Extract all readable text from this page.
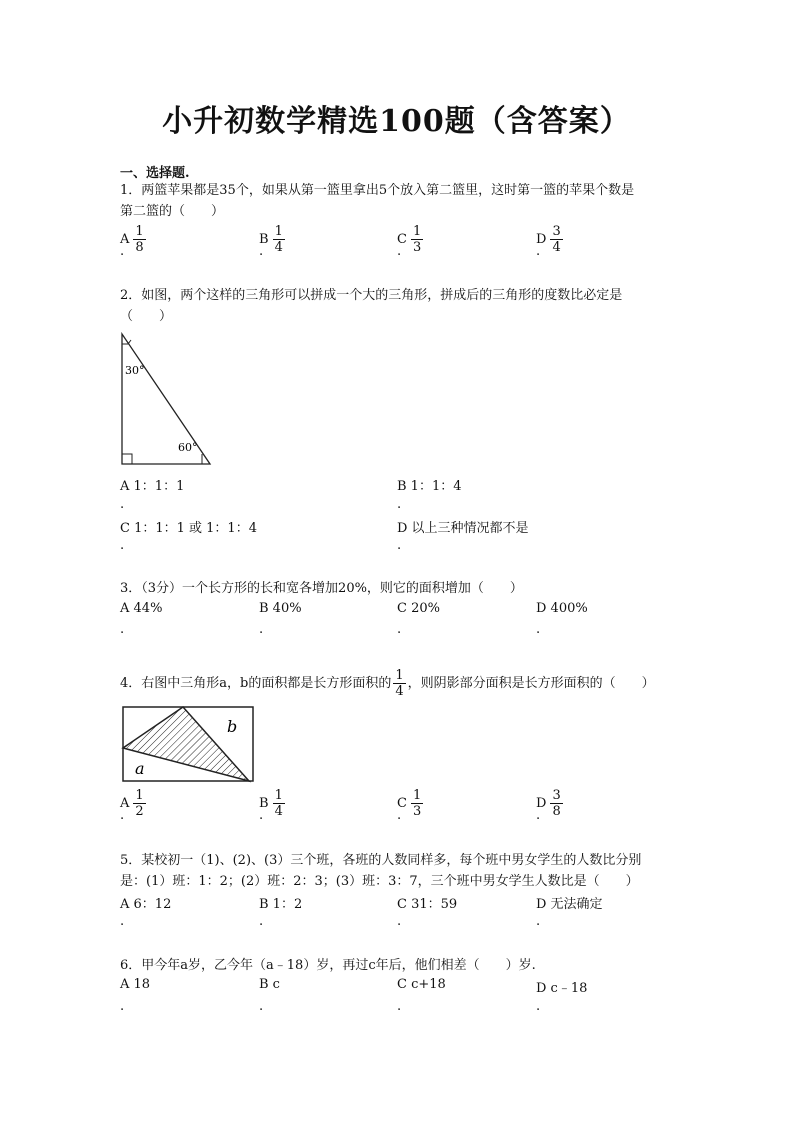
小升初数学精选100题（含答案）
一、选择题.
1．两篮苹果都是35个，如果从第一篮里拿出5个放入第二篮里，这时第一篮的苹果个数是
第二篮的（　　）
A $\frac{1}{8}$	B $\frac{1}{4}$	C $\frac{1}{3}$	D $\frac{3}{4}$
.	.	.	.
2．如图，两个这样的三角形可以拼成一个大的三角形，拼成后的三角形的度数比必定是
（　　）
30°
60°
A 1：1：1	B 1：1：4
.	.
C 1：1：1 或 1：1：4	D 以上三种情况都不是
.	.
3．（3分）一个长方形的长和宽各增加20%，则它的面积增加（　　）
A 44%	B 40%	C 20%	D 400%
.	.	.	.
4．右图中三角形a，b的面积都是长方形面积的 $\frac{1}{4}$ ，则阴影部分面积是长方形面积的（　　）
b
a
A $\frac{1}{2}$	B $\frac{1}{4}$	C $\frac{1}{3}$	D $\frac{3}{8}$
.	.	.	.
5．某校初一（1)、(2)、(3）三个班，各班的人数同样多，每个班中男女学生的人数比分别
是：(1）班：1：2；(2）班：2：3；(3）班：3：7，三个班中男女学生人数比是（　　）
A 6：12	B 1：2	C 31：59	D 无法确定
.	.	.	.
6．甲今年a岁，乙今年（a﹣18）岁，再过c年后，他们相差（　　）岁.
A 18	B c	C c+18	D c﹣18
.	.	.	.
